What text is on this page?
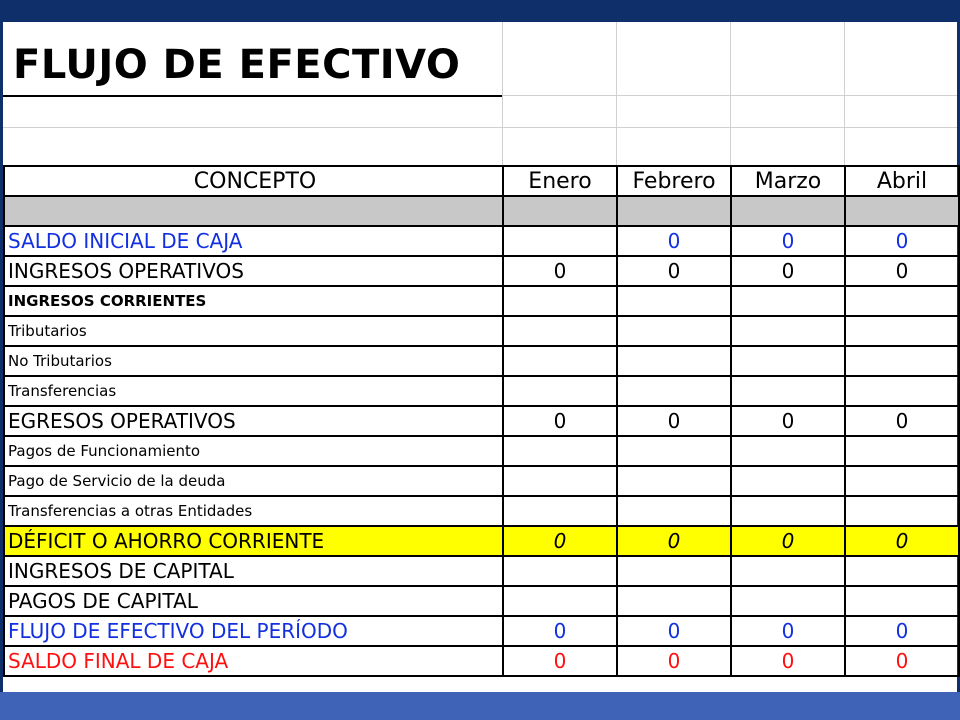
FLUJO DE EFECTIVO
CONCEPTO	Enero	Febrero	Marzo	Abril

SALDO INICIAL DE CAJA		0	0	0
INGRESOS OPERATIVOS	0	0	0	0
INGRESOS CORRIENTES				
Tributarios				
No Tributarios				
Transferencias				
EGRESOS OPERATIVOS	0	0	0	0
Pagos de Funcionamiento				
Pago de Servicio de la deuda				
Transferencias a otras Entidades				
DÉFICIT O AHORRO CORRIENTE	0	0	0	0
INGRESOS DE CAPITAL				
PAGOS DE CAPITAL				
FLUJO DE EFECTIVO DEL PERÍODO	0	0	0	0
SALDO FINAL DE CAJA	0	0	0	0
